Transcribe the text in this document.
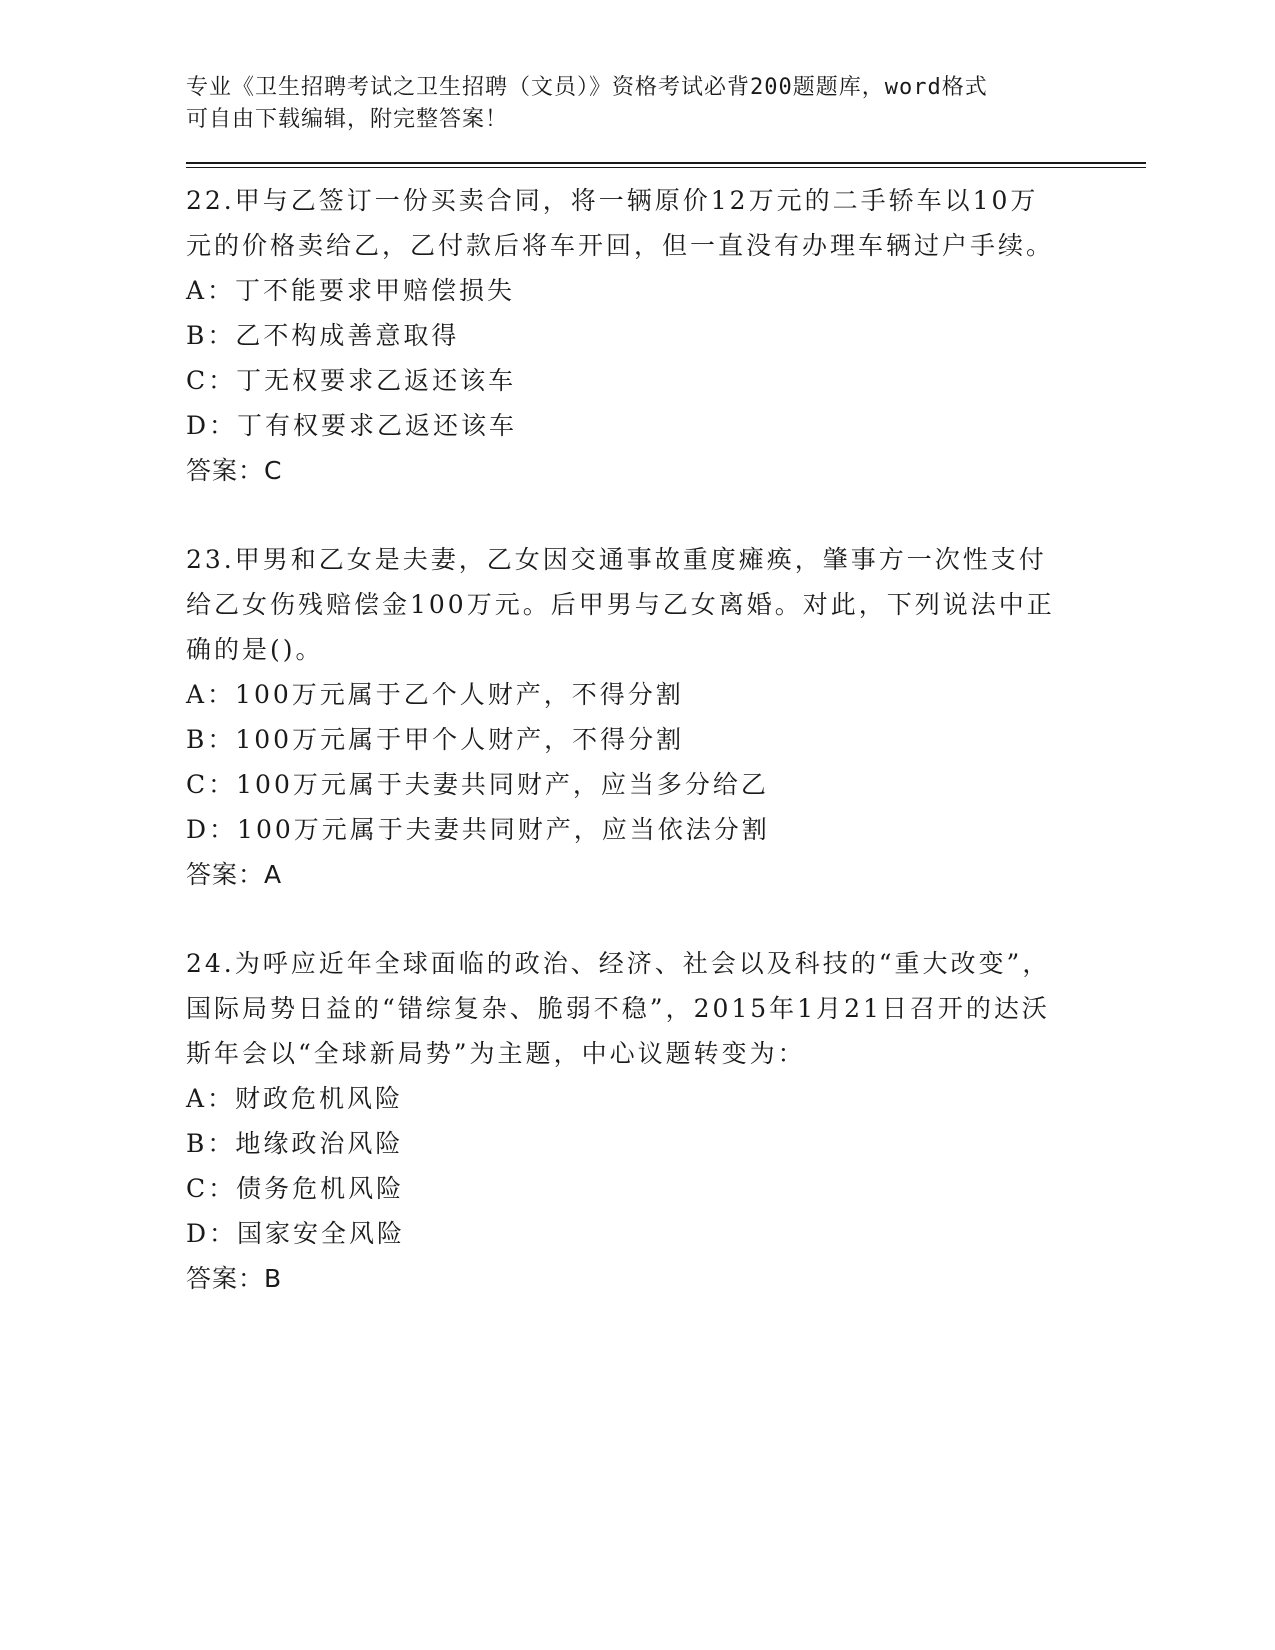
专业《卫生招聘考试之卫生招聘（文员）》资格考试必背200题题库，word格式
可自由下载编辑，附完整答案！
22.甲与乙签订一份买卖合同，将一辆原价12万元的二手轿车以10万元的价格卖给乙，乙付款后将车开回，但一直没有办理车辆过户手续。
A：丁不能要求甲赔偿损失
B：乙不构成善意取得
C：丁无权要求乙返还该车
D：丁有权要求乙返还该车
答案：C
23.甲男和乙女是夫妻，乙女因交通事故重度瘫痪，肇事方一次性支付给乙女伤残赔偿金100万元。后甲男与乙女离婚。对此，下列说法中正确的是()。
A：100万元属于乙个人财产，不得分割
B：100万元属于甲个人财产，不得分割
C：100万元属于夫妻共同财产，应当多分给乙
D：100万元属于夫妻共同财产，应当依法分割
答案：A
24.为呼应近年全球面临的政治、经济、社会以及科技的“重大改变”，国际局势日益的“错综复杂、脆弱不稳”，2015年1月21日召开的达沃斯年会以“全球新局势”为主题，中心议题转变为：
A：财政危机风险
B：地缘政治风险
C：债务危机风险
D：国家安全风险
答案：B
